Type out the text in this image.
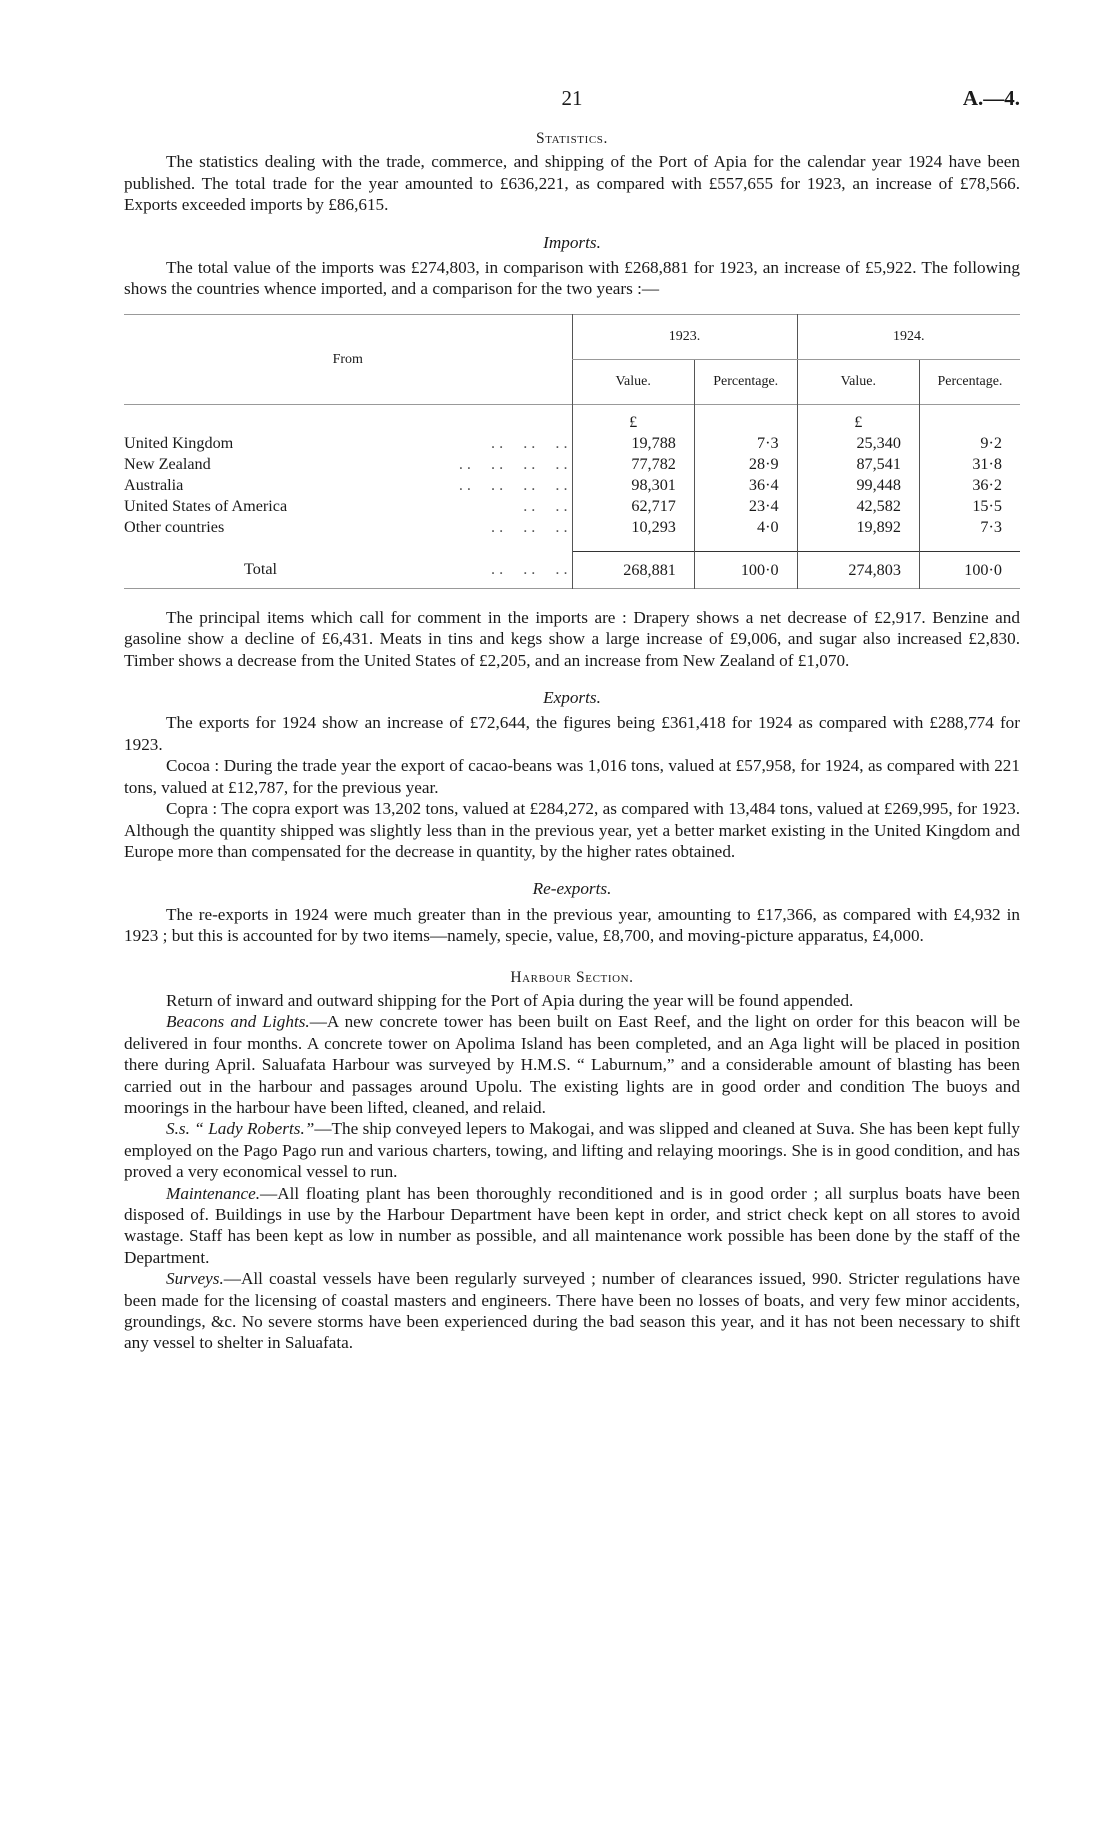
21	A.—4.
Statistics.

The statistics dealing with the trade, commerce, and shipping of the Port of Apia for the calendar year 1924 have been published. The total trade for the year amounted to £636,221, as compared with £557,655 for 1923, an increase of £78,566. Exports exceeded imports by £86,615.

Imports.

The total value of the imports was £274,803, in comparison with £268,881 for 1923, an increase of £5,922. The following shows the countries whence imported, and a comparison for the two years :—

From	1923.		1924.	
	Value.	Percentage.	Value.	Percentage.
	£		£	
United Kingdom ..  ..  ..	19,788	7·3	25,340	9·2
New Zealand ..  ..  ..  ..	77,782	28·9	87,541	31·8
Australia ..  ..  ..  ..	98,301	36·4	99,448	36·2
United States of America ..  ..	62,717	23·4	42,582	15·5
Other countries ..  ..  ..	10,293	4·0	19,892	7·3
Total ..  ..  ..	268,881	100·0	274,803	100·0

The principal items which call for comment in the imports are : Drapery shows a net decrease of £2,917. Benzine and gasoline show a decline of £6,431. Meats in tins and kegs show a large increase of £9,006, and sugar also increased £2,830. Timber shows a decrease from the United States of £2,205, and an increase from New Zealand of £1,070.

Exports.

The exports for 1924 show an increase of £72,644, the figures being £361,418 for 1924 as compared with £288,774 for 1923.

Cocoa : During the trade year the export of cacao-beans was 1,016 tons, valued at £57,958, for 1924, as compared with 221 tons, valued at £12,787, for the previous year.

Copra : The copra export was 13,202 tons, valued at £284,272, as compared with 13,484 tons, valued at £269,995, for 1923. Although the quantity shipped was slightly less than in the previous year, yet a better market existing in the United Kingdom and Europe more than compensated for the decrease in quantity, by the higher rates obtained.

Re-exports.

The re-exports in 1924 were much greater than in the previous year, amounting to £17,366, as compared with £4,932 in 1923 ; but this is accounted for by two items—namely, specie, value, £8,700, and moving-picture apparatus, £4,000.

Harbour Section.

Return of inward and outward shipping for the Port of Apia during the year will be found appended.

Beacons and Lights.—A new concrete tower has been built on East Reef, and the light on order for this beacon will be delivered in four months. A concrete tower on Apolima Island has been completed, and an Aga light will be placed in position there during April. Saluafata Harbour was surveyed by H.M.S. “ Laburnum,” and a considerable amount of blasting has been carried out in the harbour and passages around Upolu. The existing lights are in good order and condition The buoys and moorings in the harbour have been lifted, cleaned, and relaid.

S.s. “ Lady Roberts.”—The ship conveyed lepers to Makogai, and was slipped and cleaned at Suva. She has been kept fully employed on the Pago Pago run and various charters, towing, and lifting and relaying moorings. She is in good condition, and has proved a very economical vessel to run.

Maintenance.—All floating plant has been thoroughly reconditioned and is in good order ; all surplus boats have been disposed of. Buildings in use by the Harbour Department have been kept in order, and strict check kept on all stores to avoid wastage. Staff has been kept as low in number as possible, and all maintenance work possible has been done by the staff of the Department.

Surveys.—All coastal vessels have been regularly surveyed ; number of clearances issued, 990. Stricter regulations have been made for the licensing of coastal masters and engineers. There have been no losses of boats, and very few minor accidents, groundings, &c. No severe storms have been experienced during the bad season this year, and it has not been necessary to shift any vessel to shelter in Saluafata.
